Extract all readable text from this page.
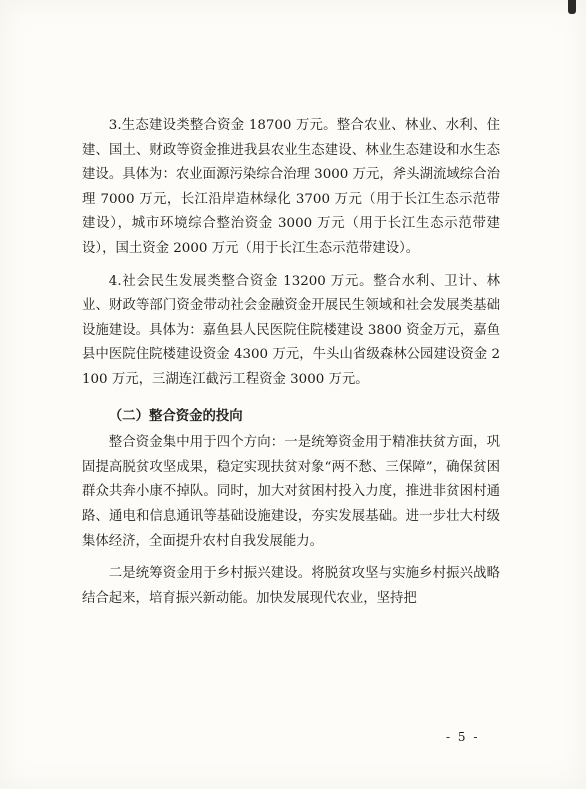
3.生态建设类整合资金 18700 万元。整合农业、林业、水利、住建、国土、财政等资金推进我县农业生态建设、林业生态建设和水生态建设。具体为：农业面源污染综合治理 3000 万元，斧头湖流域综合治理 7000 万元，长江沿岸造林绿化 3700 万元（用于长江生态示范带建设），城市环境综合整治资金 3000 万元（用于长江生态示范带建设），国土资金 2000 万元（用于长江生态示范带建设）。

4.社会民生发展类整合资金 13200 万元。整合水利、卫计、林业、财政等部门资金带动社会金融资金开展民生领域和社会发展类基础设施建设。具体为：嘉鱼县人民医院住院楼建设 3800 资金万元，嘉鱼县中医院住院楼建设资金 4300 万元，牛头山省级森林公园建设资金 2100 万元，三湖连江截污工程资金 3000 万元。

（二）整合资金的投向

整合资金集中用于四个方向：一是统筹资金用于精准扶贫方面，巩固提高脱贫攻坚成果，稳定实现扶贫对象“两不愁、三保障”，确保贫困群众共奔小康不掉队。同时，加大对贫困村投入力度，推进非贫困村通路、通电和信息通讯等基础设施建设，夯实发展基础。进一步壮大村级集体经济，全面提升农村自我发展能力。

二是统筹资金用于乡村振兴建设。将脱贫攻坚与实施乡村振兴战略结合起来，培育振兴新动能。加快发展现代农业，坚持把

- 5 -
